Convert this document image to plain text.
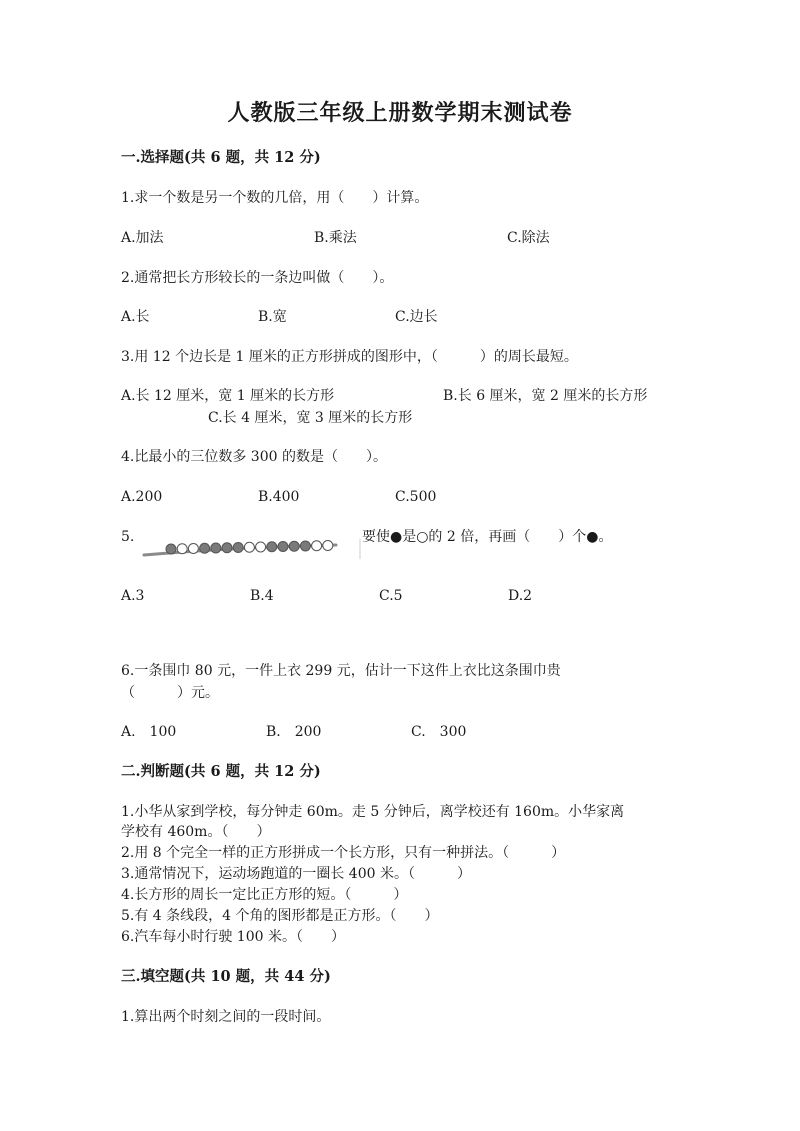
人教版三年级上册数学期末测试卷
一.选择题(共 6 题，共 12 分)
1.求一个数是另一个数的几倍，用（　　）计算。
A.加法	B.乘法	C.除法
2.通常把长方形较长的一条边叫做（　　）。
A.长	B.宽	C.边长
3.用 12 个边长是 1 厘米的正方形拼成的图形中，（　　　）的周长最短。
A.长 12 厘米，宽 1 厘米的长方形	B.长 6 厘米，宽 2 厘米的长方形
C.长 4 厘米，宽 3 厘米的长方形
4.比最小的三位数多 300 的数是（　　）。
A.200	B.400	C.500
5.	要使●是○的 2 倍，再画（　　）个●。
A.3	B.4	C.5	D.2
6.一条围巾 80 元，一件上衣 299 元，估计一下这件上衣比这条围巾贵
（　　　）元。
A.　100	B.　200	C.　300
二.判断题(共 6 题，共 12 分)
1.小华从家到学校，每分钟走 60m。走 5 分钟后，离学校还有 160m。小华家离
学校有 460m。（　　）
2.用 8 个完全一样的正方形拼成一个长方形，只有一种拼法。（　　　）
3.通常情况下，运动场跑道的一圈长 400 米。（　　　）
4.长方形的周长一定比正方形的短。（　　　）
5.有 4 条线段，4 个角的图形都是正方形。（　　）
6.汽车每小时行驶 100 米。（　　）
三.填空题(共 10 题，共 44 分)
1.算出两个时刻之间的一段时间。
